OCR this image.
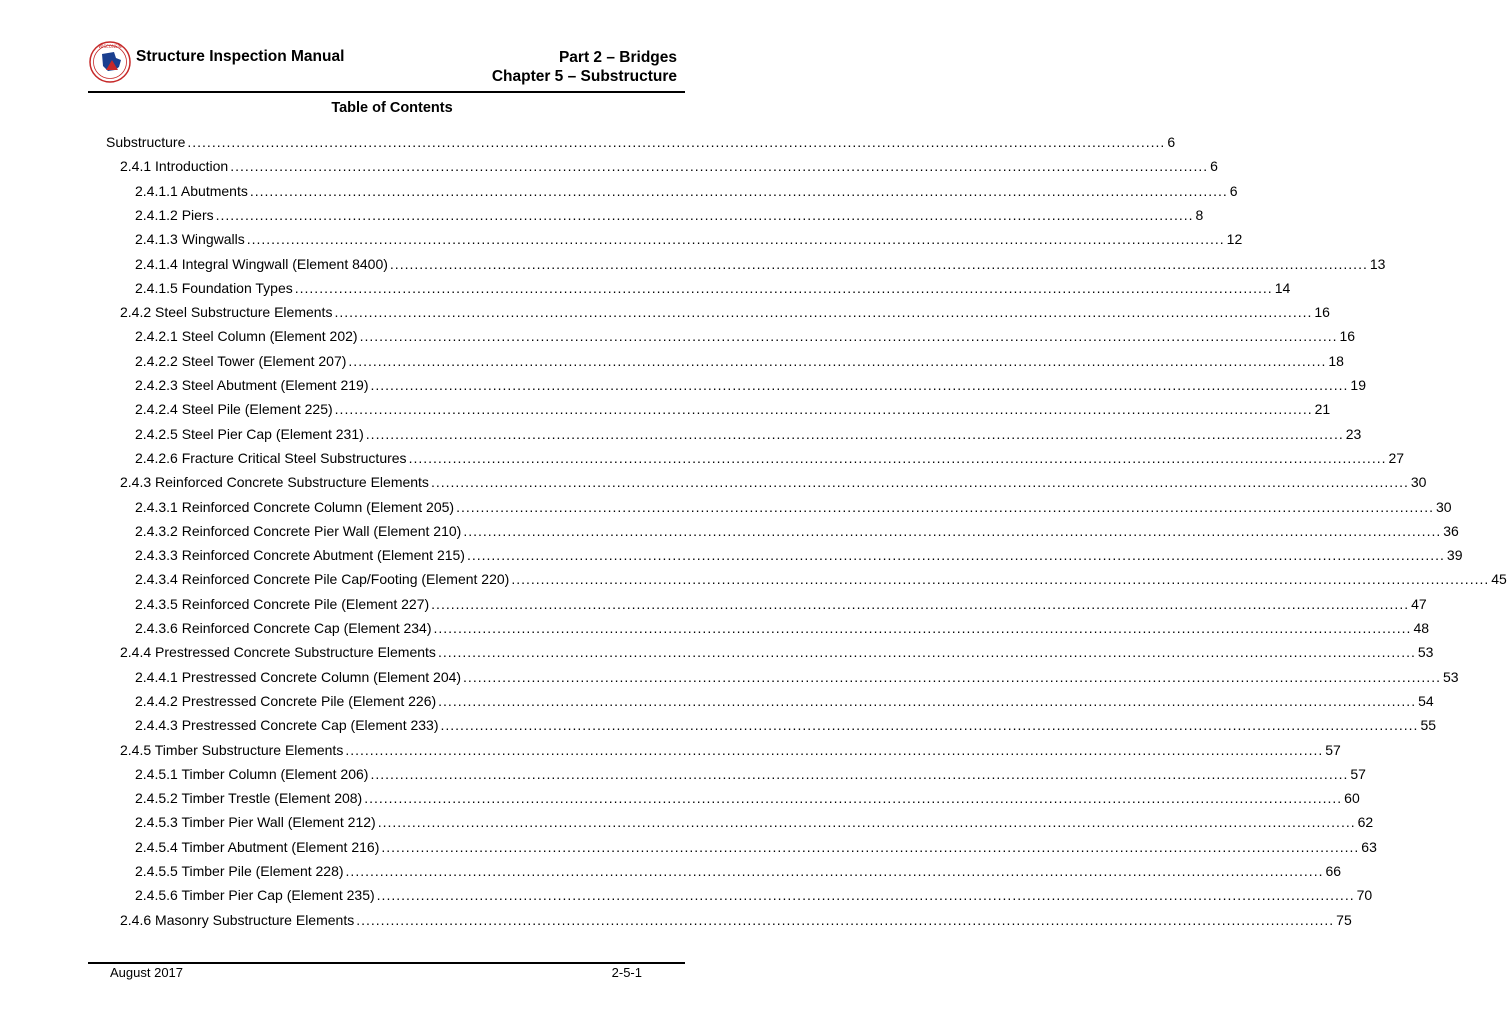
WISCONSIN
Structure Inspection Manual	Part 2 – Bridges
Chapter 5 – Substructure
Table of Contents
Substructure ........................................................................................................................................................................................................ 6
2.4.1 Introduction ........................................................................................................................................................................................................ 6
2.4.1.1 Abutments ........................................................................................................................................................................................................ 6
2.4.1.2 Piers ........................................................................................................................................................................................................ 8
2.4.1.3 Wingwalls ........................................................................................................................................................................................................ 12
2.4.1.4 Integral Wingwall (Element 8400) ........................................................................................................................................................................................................ 13
2.4.1.5 Foundation Types ........................................................................................................................................................................................................ 14
2.4.2 Steel Substructure Elements ........................................................................................................................................................................................................ 16
2.4.2.1 Steel Column (Element 202) ........................................................................................................................................................................................................ 16
2.4.2.2 Steel Tower (Element 207) ........................................................................................................................................................................................................ 18
2.4.2.3 Steel Abutment (Element 219) ........................................................................................................................................................................................................ 19
2.4.2.4 Steel Pile (Element 225) ........................................................................................................................................................................................................ 21
2.4.2.5 Steel Pier Cap (Element 231) ........................................................................................................................................................................................................ 23
2.4.2.6 Fracture Critical Steel Substructures ........................................................................................................................................................................................................ 27
2.4.3 Reinforced Concrete Substructure Elements ........................................................................................................................................................................................................ 30
2.4.3.1 Reinforced Concrete Column (Element 205) ........................................................................................................................................................................................................ 30
2.4.3.2 Reinforced Concrete Pier Wall (Element 210) ........................................................................................................................................................................................................ 36
2.4.3.3 Reinforced Concrete Abutment (Element 215) ........................................................................................................................................................................................................ 39
2.4.3.4 Reinforced Concrete Pile Cap/Footing (Element 220) ........................................................................................................................................................................................................ 45
2.4.3.5 Reinforced Concrete Pile (Element 227) ........................................................................................................................................................................................................ 47
2.4.3.6 Reinforced Concrete Cap (Element 234) ........................................................................................................................................................................................................ 48
2.4.4 Prestressed Concrete Substructure Elements ........................................................................................................................................................................................................ 53
2.4.4.1 Prestressed Concrete Column (Element 204) ........................................................................................................................................................................................................ 53
2.4.4.2 Prestressed Concrete Pile (Element 226) ........................................................................................................................................................................................................ 54
2.4.4.3 Prestressed Concrete Cap (Element 233) ........................................................................................................................................................................................................ 55
2.4.5 Timber Substructure Elements ........................................................................................................................................................................................................ 57
2.4.5.1 Timber Column (Element 206) ........................................................................................................................................................................................................ 57
2.4.5.2 Timber Trestle (Element 208) ........................................................................................................................................................................................................ 60
2.4.5.3 Timber Pier Wall (Element 212) ........................................................................................................................................................................................................ 62
2.4.5.4 Timber Abutment (Element 216) ........................................................................................................................................................................................................ 63
2.4.5.5 Timber Pile (Element 228) ........................................................................................................................................................................................................ 66
2.4.5.6 Timber Pier Cap (Element 235) ........................................................................................................................................................................................................ 70
2.4.6 Masonry Substructure Elements ........................................................................................................................................................................................................ 75
August 2017	2-5-1
